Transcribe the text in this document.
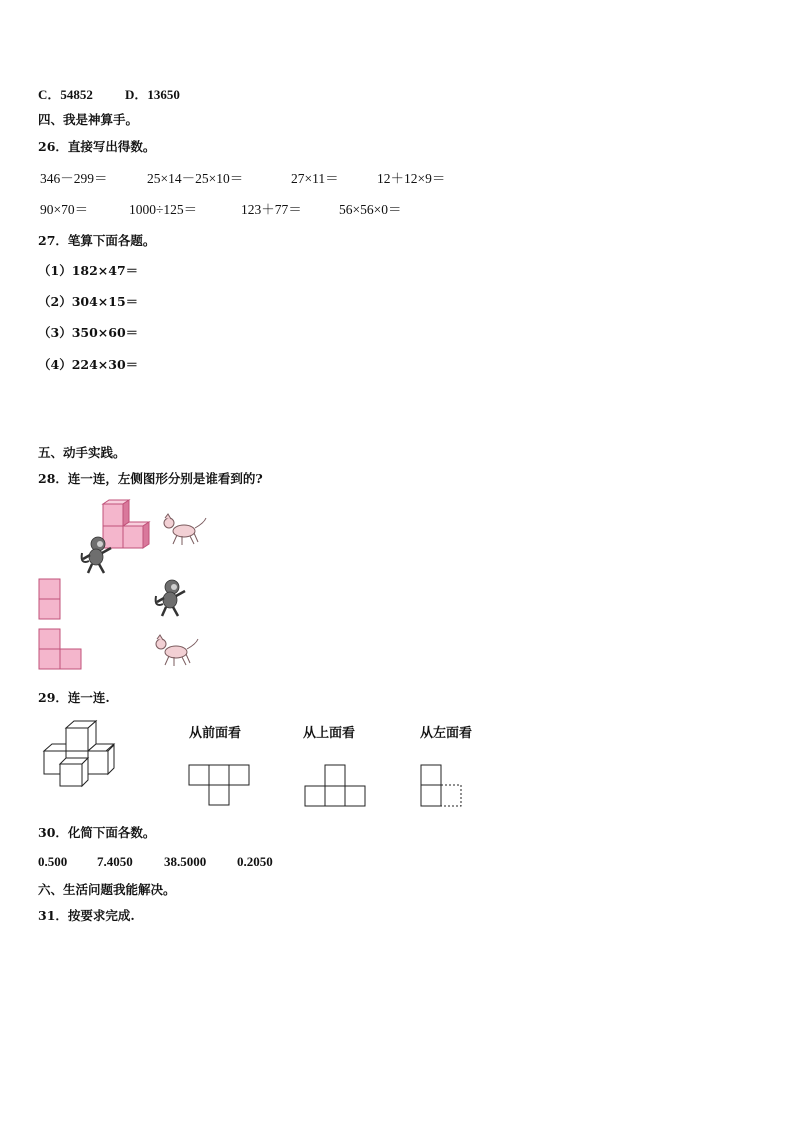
C．54852 D．13650
四、我是神算手。
26．直接写出得数。
346－299＝	25×14－25×10＝	27×11＝	12＋12×9＝
90×70＝	1000÷125＝	123＋77＝	56×56×0＝
27．笔算下面各题。
（1）182×47＝
（2）304×15＝
（3）350×60＝
（4）224×30＝
五、动手实践。
28．连一连，左侧图形分别是谁看到的?
29．连一连.
从前面看	从上面看	从左面看
30．化简下面各数。
0.500 7.4050 38.5000 0.2050
六、生活问题我能解决。
31．按要求完成.
